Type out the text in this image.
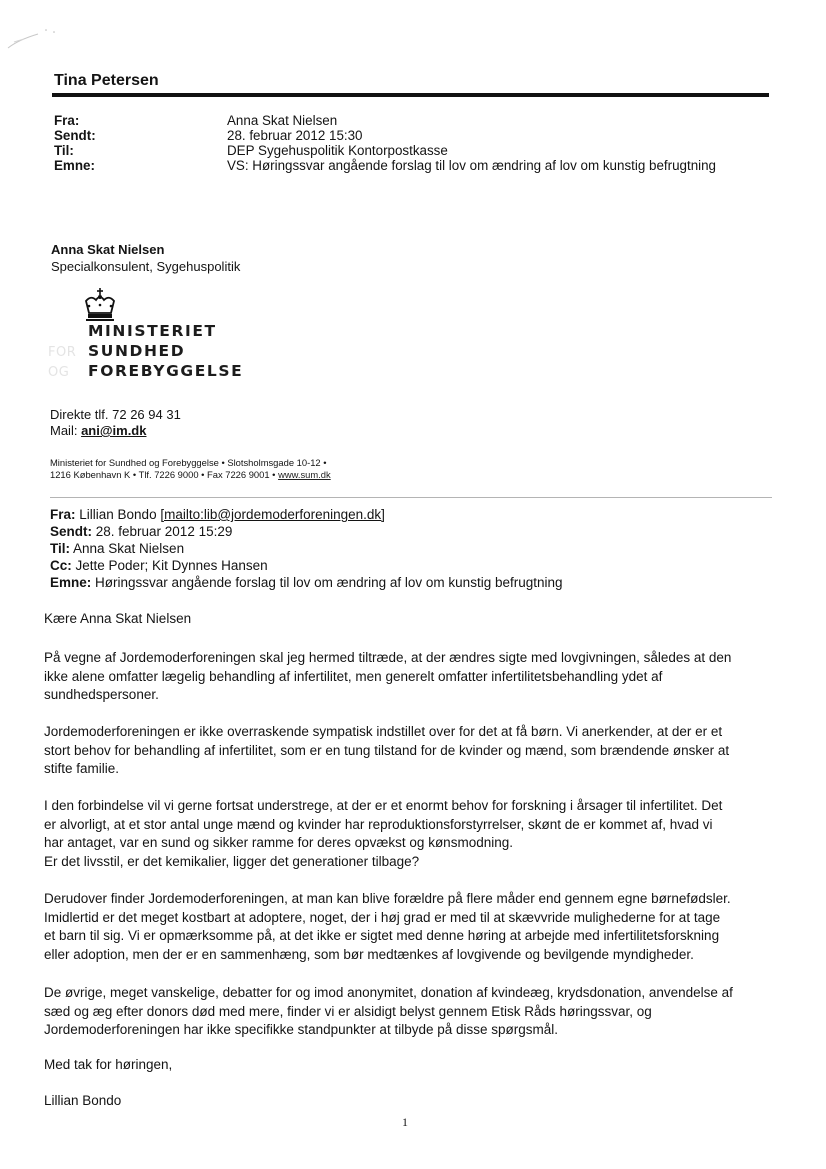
Tina Petersen
Fra:	Anna Skat Nielsen
Sendt:	28. februar 2012 15:30
Til:	DEP Sygehuspolitik Kontorpostkasse
Emne:	VS: Høringssvar angående forslag til lov om ændring af lov om kunstig befrugtning
Anna Skat Nielsen
Specialkonsulent, Sygehuspolitik
MINISTERIET
FOR SUNDHED
OG FOREBYGGELSE
Direkte tlf. 72 26 94 31
Mail: ani@im.dk
Ministeriet for Sundhed og Forebyggelse • Slotsholmsgade 10-12 •
1216 København K • Tlf. 7226 9000 • Fax 7226 9001 • www.sum.dk
Fra: Lillian Bondo [mailto:lib@jordemoderforeningen.dk]
Sendt: 28. februar 2012 15:29
Til: Anna Skat Nielsen
Cc: Jette Poder; Kit Dynnes Hansen
Emne: Høringssvar angående forslag til lov om ændring af lov om kunstig befrugtning
Kære Anna Skat Nielsen
På vegne af Jordemoderforeningen skal jeg hermed tiltræde, at der ændres sigte med lovgivningen, således at den
ikke alene omfatter lægelig behandling af infertilitet, men generelt omfatter infertilitetsbehandling ydet af
sundhedspersoner.
Jordemoderforeningen er ikke overraskende sympatisk indstillet over for det at få børn. Vi anerkender, at der er et
stort behov for behandling af infertilitet, som er en tung tilstand for de kvinder og mænd, som brændende ønsker at
stifte familie.
I den forbindelse vil vi gerne fortsat understrege, at der er et enormt behov for forskning i årsager til infertilitet. Det
er alvorligt, at et stor antal unge mænd og kvinder har reproduktionsforstyrrelser, skønt de er kommet af, hvad vi
har antaget, var en sund og sikker ramme for deres opvækst og kønsmodning.
Er det livsstil, er det kemikalier, ligger det generationer tilbage?
Derudover finder Jordemoderforeningen, at man kan blive forældre på flere måder end gennem egne børnefødsler.
Imidlertid er det meget kostbart at adoptere, noget, der i høj grad er med til at skævvride mulighederne for at tage
et barn til sig. Vi er opmærksomme på, at det ikke er sigtet med denne høring at arbejde med infertilitetsforskning
eller adoption, men der er en sammenhæng, som bør medtænkes af lovgivende og bevilgende myndigheder.
De øvrige, meget vanskelige, debatter for og imod anonymitet, donation af kvindeæg, krydsdonation, anvendelse af
sæd og æg efter donors død med mere, finder vi er alsidigt belyst gennem Etisk Råds høringssvar, og
Jordemoderforeningen har ikke specifikke standpunkter at tilbyde på disse spørgsmål.
Med tak for høringen,
Lillian Bondo
1
